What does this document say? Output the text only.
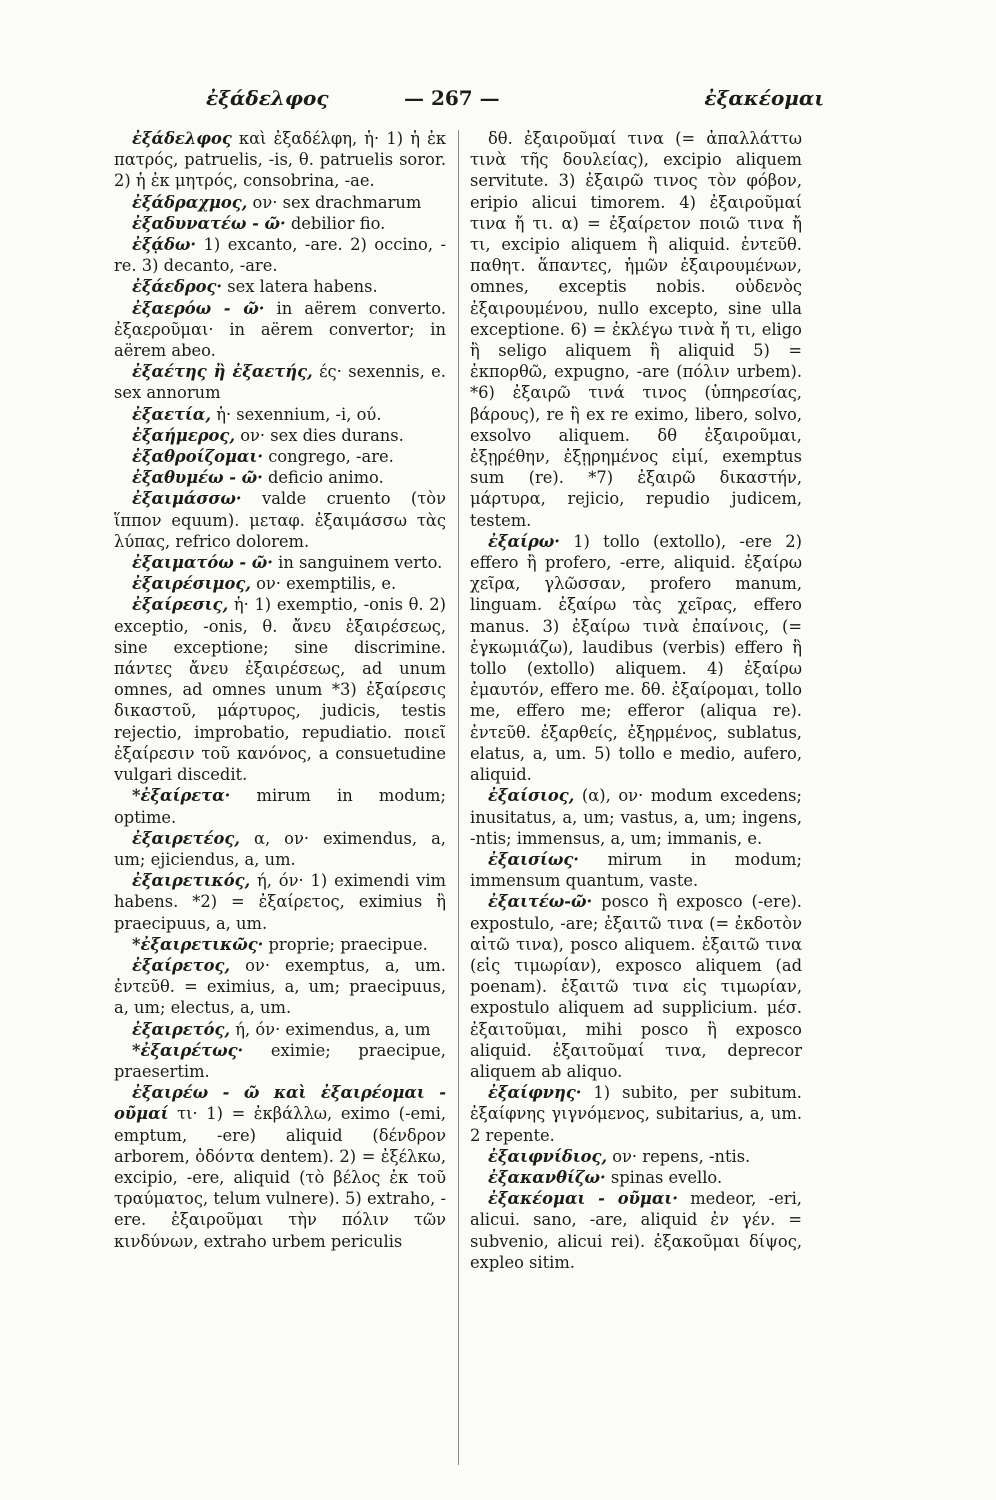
ἐξάδελφος	— 267 —	ἐξακέομαι

ἐξάδελφος καὶ ἐξαδέλφη, ἡ· 1) ἡ ἐκ πατρός, patruelis, -is, θ. patruelis soror. 2) ἡ ἐκ μητρός, consobrina, -ae.

ἐξάδραχμος, ον· sex drachmarum

ἐξαδυνατέω - ῶ· debilior fio.

ἐξᾴδω· 1) excanto, -are. 2) occino, -re. 3) decanto, -are.

ἐξάεδρος· sex latera habens.

ἐξαερόω - ῶ· in aërem converto. ἐξαεροῦμαι· in aërem convertor; in aërem abeo.

ἐξαέτης ἢ ἐξαετής, ές· sexennis, e. sex annorum

ἐξαετία, ἡ· sexennium, -i, ού.

ἐξαήμερος, ον· sex dies durans.

ἐξαθροίζομαι· congrego, -are.

ἐξαθυμέω - ῶ· deficio animo.

ἐξαιμάσσω· valde cruento (τὸν ἵππον equum). μεταφ. ἐξαιμάσσω τὰς λύπας, refrico dolorem.

ἐξαιματόω - ῶ· in sanguinem verto.

ἐξαιρέσιμος, ον· exemptilis, e.

ἐξαίρεσις, ἡ· 1) exemptio, -onis θ. 2) exceptio, -onis, θ. ἄνευ ἐξαιρέσεως, sine exceptione; sine discrimine. πάντες ἄνευ ἐξαιρέσεως, ad unum omnes, ad omnes unum *3) ἐξαίρεσις δικαστοῦ, μάρτυρος, judicis, testis rejectio, improbatio, repudiatio. ποιεῖ ἐξαίρεσιν τοῦ κανόνος, a consuetudine vulgari discedit.

*ἐξαίρετα· mirum in modum; optime.

ἐξαιρετέος, α, ον· eximendus, a, um; ejiciendus, a, um.

ἐξαιρετικός, ή, όν· 1) eximendi vim habens. *2) = ἐξαίρετος, eximius ἢ praecipuus, a, um.

*ἐξαιρετικῶς· proprie; praecipue.

ἐξαίρετος, ον· exemptus, a, um. ἐντεῦθ. = eximius, a, um; praecipuus, a, um; electus, a, um.

ἐξαιρετός, ή, όν· eximendus, a, um

*ἐξαιρέτως· eximie; praecipue, praesertim.

ἐξαιρέω - ῶ καὶ ἐξαιρέομαι - οῦμαί τι· 1) = ἐκβάλλω, eximo (-emi, emptum, -ere) aliquid (δένδρον arborem, ὀδόντα dentem). 2) = ἐξέλκω, excipio, -ere, aliquid (τὸ βέλος ἐκ τοῦ τραύματος, telum vulnere). 5) extraho, -ere. ἐξαιροῦμαι τὴν πόλιν τῶν κινδύνων, extraho urbem periculis

δθ. ἐξαιροῦμαί τινα (= ἀπαλλάττω τινὰ τῆς δουλείας), excipio aliquem servitute. 3) ἐξαιρῶ τινος τὸν φόβον, eripio alicui timorem. 4) ἐξαιροῦμαί τινα ἤ τι. α) = ἐξαίρετον ποιῶ τινα ἤ τι, excipio aliquem ἢ aliquid. ἐντεῦθ. παθητ. ἅπαντες, ἡμῶν ἐξαιρουμένων, omnes, exceptis nobis. οὐδενὸς ἐξαιρουμένου, nullo excepto, sine ulla exceptione. 6) = ἐκλέγω τινὰ ἤ τι, eligo ἢ seligo aliquem ἢ aliquid 5) = ἐκπορθῶ, expugno, -are (πόλιν urbem). *6) ἐξαιρῶ τινά τινος (ὑπηρεσίας, βάρους), re ἢ ex re eximo, libero, solvo, exsolvo aliquem. δθ ἐξαιροῦμαι, ἐξῃρέθην, ἐξῃρημένος εἰμί, exemptus sum (re). *7) ἐξαιρῶ δικαστήν, μάρτυρα, rejicio, repudio judicem, testem.

ἐξαίρω· 1) tollo (extollo), -ere 2) effero ἢ profero, -erre, aliquid. ἐξαίρω χεῖρα, γλῶσσαν, profero manum, linguam. ἐξαίρω τὰς χεῖρας, effero manus. 3) ἐξαίρω τινὰ ἐπαίνοις, (= ἐγκωμιάζω), laudibus (verbis) effero ἢ tollo (extollo) aliquem. 4) ἐξαίρω ἐμαυτόν, effero me. δθ. ἐξαίρομαι, tollo me, effero me; efferor (aliqua re). ἐντεῦθ. ἐξαρθείς, ἐξηρμένος, sublatus, elatus, a, um. 5) tollo e medio, aufero, aliquid.

ἐξαίσιος, (α), ον· modum excedens; inusitatus, a, um; vastus, a, um; ingens, -ntis; immensus, a, um; immanis, e.

ἐξαισίως· mirum in modum; immensum quantum, vaste.

ἐξαιτέω-ῶ· posco ἢ exposco (-ere). expostulo, -are; ἐξαιτῶ τινα (= ἐκδοτὸν αἰτῶ τινα), posco aliquem. ἐξαιτῶ τινα (εἰς τιμωρίαν), exposco aliquem (ad poenam). ἐξαιτῶ τινα εἰς τιμωρίαν, expostulo aliquem ad supplicium. μέσ. ἐξαιτοῦμαι, mihi posco ἢ exposco aliquid. ἐξαιτοῦμαί τινα, deprecor aliquem ab aliquo.

ἐξαίφνης· 1) subito, per subitum. ἐξαίφνης γιγνόμενος, subitarius, a, um. 2 repente.

ἐξαιφνίδιος, ον· repens, -ntis.

ἐξακανθίζω· spinas evello.

ἐξακέομαι - οῦμαι· medeor, -eri, alicui. sano, -are, aliquid ἐν γέν. = subvenio, alicui rei). ἐξακοῦμαι δίψος, expleo sitim.
